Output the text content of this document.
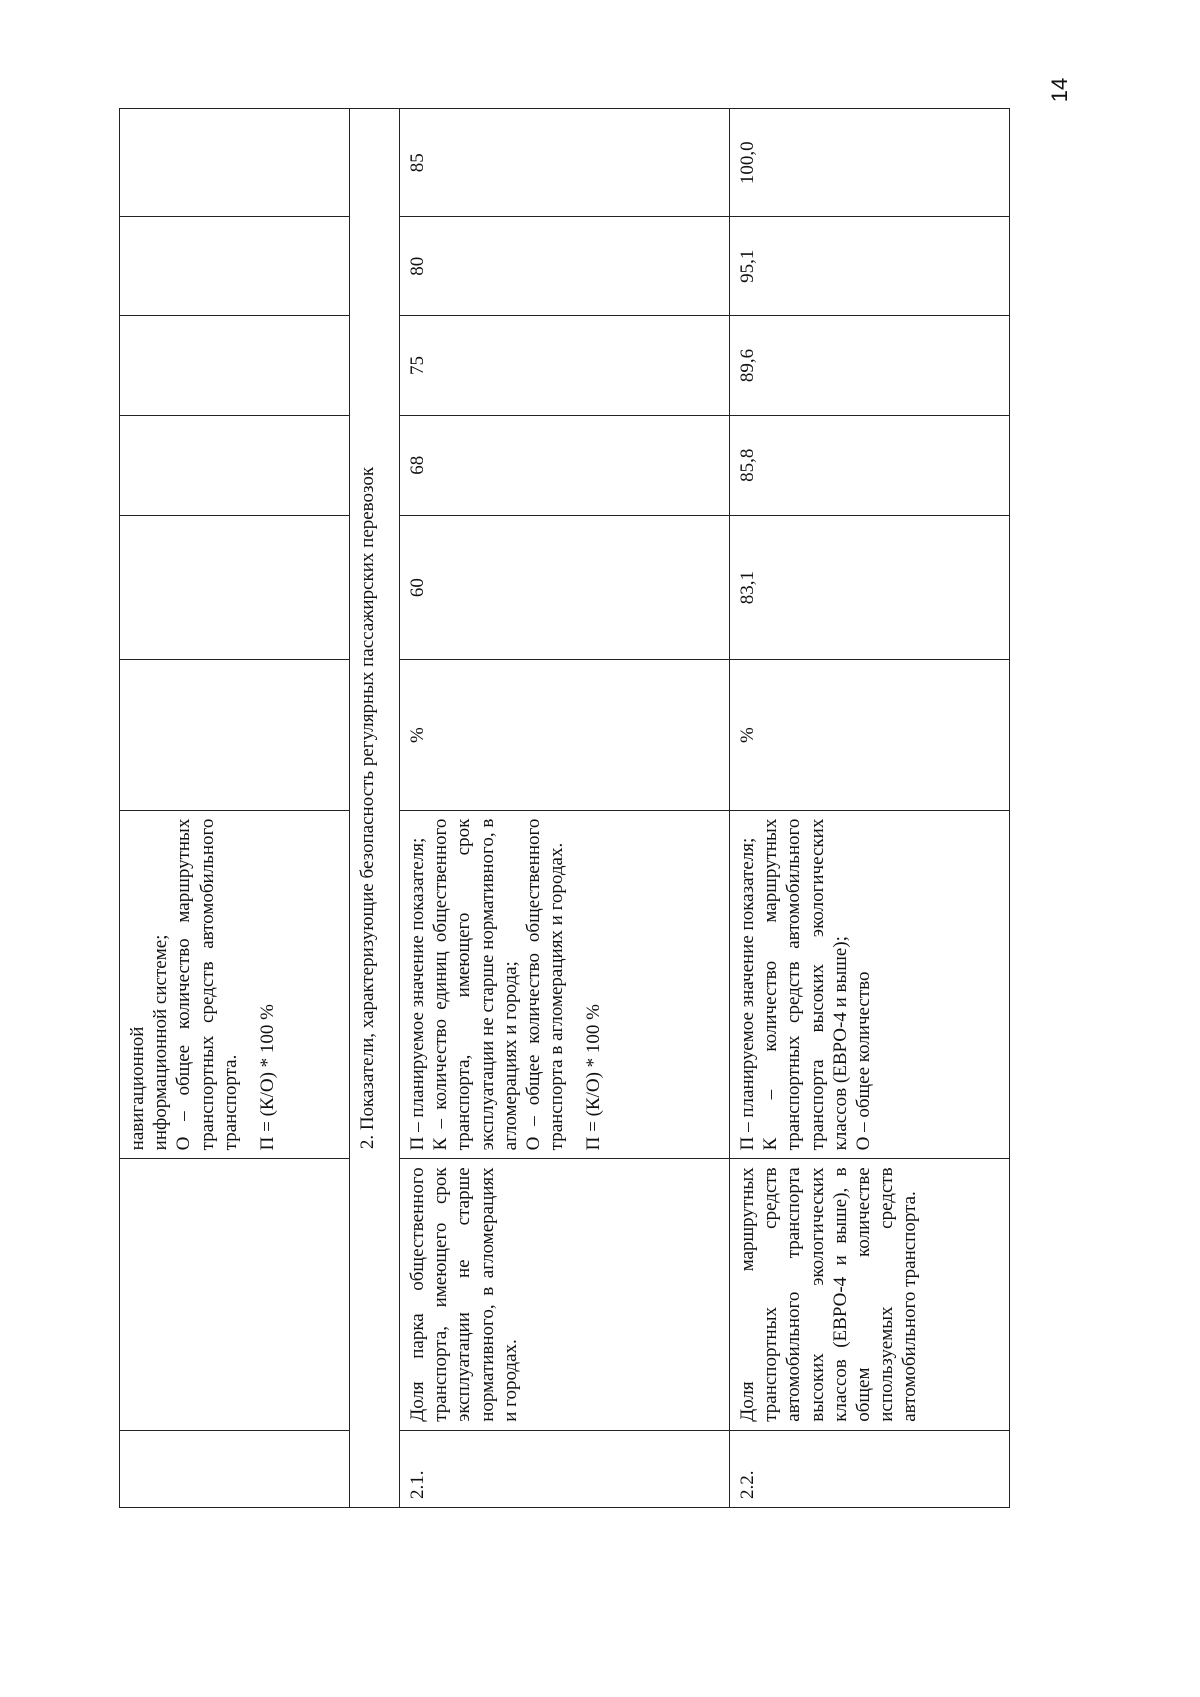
14

		навигационной информационной системе; О – общее количество маршрутных транспортных средств автомобильного транспорта. П = (К/О) * 100 %						

2. Показатели, характеризующие безопасность регулярных пассажирских перевозок								
2.1.	Доля парка общественного транспорта, имеющего срок эксплуатации не старше нормативного, в агломерациях и городах.	П – планируемое значение показателя;
К – количество единиц общественного транспорта, имеющего срок эксплуатации не старше нормативного, в агломерациях и города;
О – общее количество общественного транспорта в агломерациях и городах.
П = (К/О) * 100 %	%	60	68	75	80	85
2.2.	Доля маршрутных транспортных средств автомобильного транспорта высоких экологических классов (ЕВРО-4 и выше), в общем количестве используемых средств автомобильного транспорта.	П – планируемое значение показателя;
К – количество маршрутных транспортных средств автомобильного транспорта высоких экологических классов (ЕВРО-4 и выше);
О – общее количество	%	83,1	85,8	89,6	95,1	100,0
